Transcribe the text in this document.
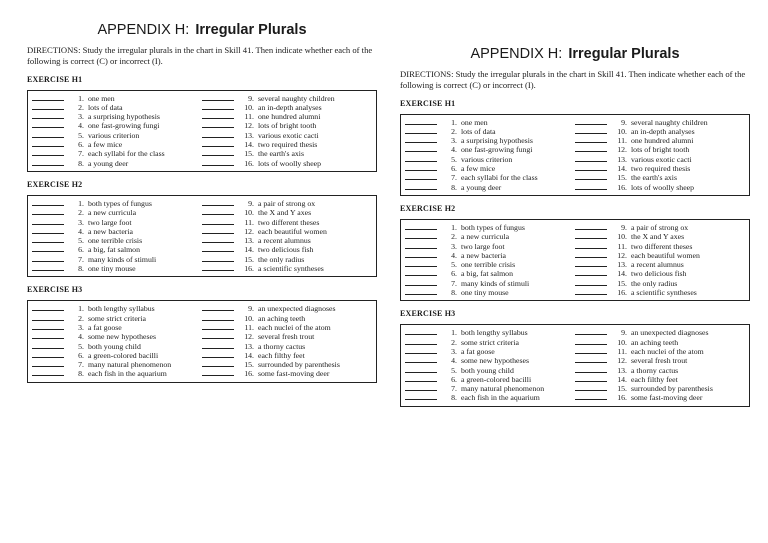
APPENDIX H: Irregular Plurals
DIRECTIONS: Study the irregular plurals in the chart in Skill 41. Then indicate whether each of the following is correct (C) or incorrect (I).
EXERCISE H1
1. one men
2. lots of data
3. a surprising hypothesis
4. one fast-growing fungi
5. various criterion
6. a few mice
7. each syllabi for the class
8. a young deer
9. several naughty children
10. an in-depth analyses
11. one hundred alumni
12. lots of bright tooth
13. various exotic cacti
14. two required thesis
15. the earth's axis
16. lots of woolly sheep
EXERCISE H2
1. both types of fungus
2. a new curricula
3. two large foot
4. a new bacteria
5. one terrible crisis
6. a big, fat salmon
7. many kinds of stimuli
8. one tiny mouse
9. a pair of strong ox
10. the X and Y axes
11. two different theses
12. each beautiful women
13. a recent alumnus
14. two delicious fish
15. the only radius
16. a scientific syntheses
EXERCISE H3
1. both lengthy syllabus
2. some strict criteria
3. a fat goose
4. some new hypotheses
5. both young child
6. a green-colored bacilli
7. many natural phenomenon
8. each fish in the aquarium
9. an unexpected diagnoses
10. an aching teeth
11. each nuclei of the atom
12. several fresh trout
13. a thorny cactus
14. each filthy feet
15. surrounded by parenthesis
16. some fast-moving deer
APPENDIX H: Irregular Plurals
DIRECTIONS: Study the irregular plurals in the chart in Skill 41. Then indicate whether each of the following is correct (C) or incorrect (I).
EXERCISE H1
1. one men
2. lots of data
3. a surprising hypothesis
4. one fast-growing fungi
5. various criterion
6. a few mice
7. each syllabi for the class
8. a young deer
9. several naughty children
10. an in-depth analyses
11. one hundred alumni
12. lots of bright tooth
13. various exotic cacti
14. two required thesis
15. the earth's axis
16. lots of woolly sheep
EXERCISE H2
1. both types of fungus
2. a new curricula
3. two large foot
4. a new bacteria
5. one terrible crisis
6. a big, fat salmon
7. many kinds of stimuli
8. one tiny mouse
9. a pair of strong ox
10. the X and Y axes
11. two different theses
12. each beautiful women
13. a recent alumnus
14. two delicious fish
15. the only radius
16. a scientific syntheses
EXERCISE H3
1. both lengthy syllabus
2. some strict criteria
3. a fat goose
4. some new hypotheses
5. both young child
6. a green-colored bacilli
7. many natural phenomenon
8. each fish in the aquarium
9. an unexpected diagnoses
10. an aching teeth
11. each nuclei of the atom
12. several fresh trout
13. a thorny cactus
14. each filthy feet
15. surrounded by parenthesis
16. some fast-moving deer
